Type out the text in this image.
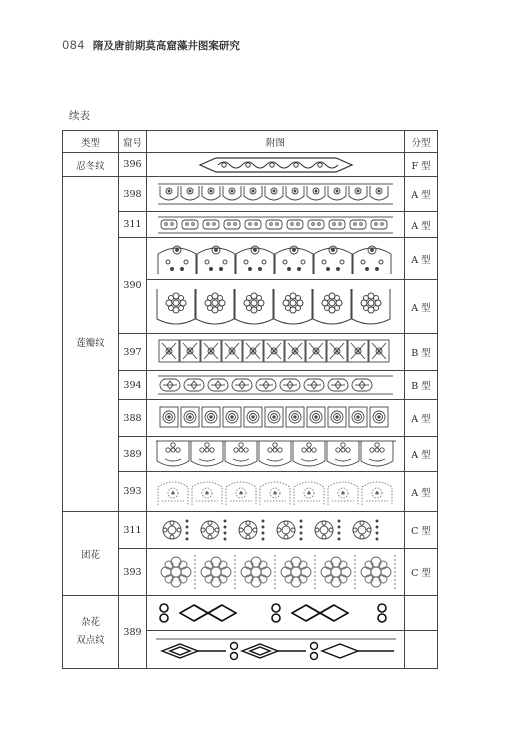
084 隋及唐前期莫高窟藻井图案研究
续表
类型	窟号	附图	分型
忍冬纹	396		F 型
莲瓣纹	398		A 型
	311		A 型
	390		A 型

	A 型
	397		B 型
	394		B 型
	388		A 型
	389		A 型
	393		A 型
团花	311		C 型
	393		C 型

杂花
双点纹	389	
